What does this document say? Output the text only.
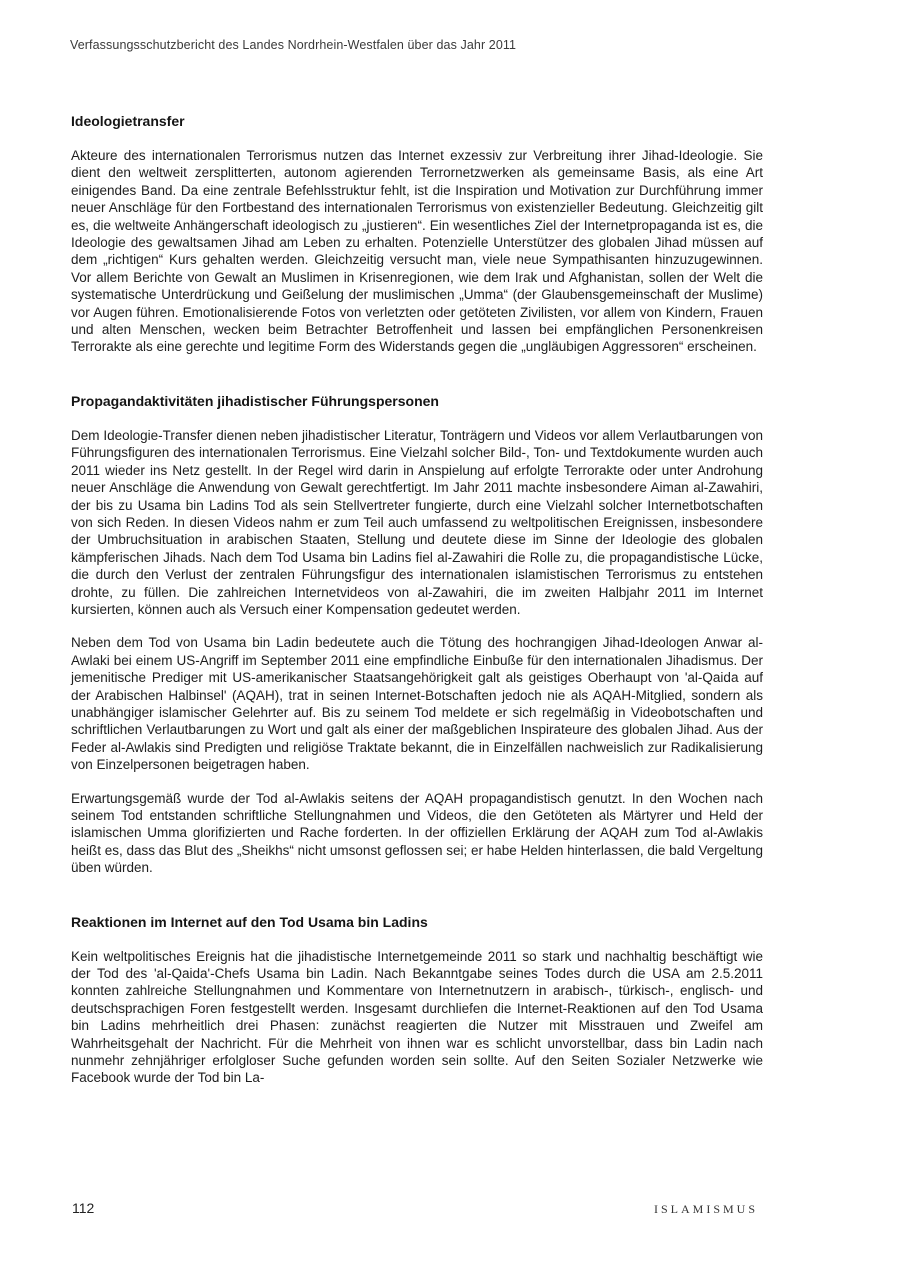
Verfassungsschutzbericht des Landes Nordrhein-Westfalen über das Jahr 2011
Ideologietransfer

Akteure des internationalen Terrorismus nutzen das Internet exzessiv zur Verbreitung ihrer Jihad-Ideologie. Sie dient den weltweit zersplitterten, autonom agierenden Terrornetzwerken als gemeinsame Basis, als eine Art einigendes Band. Da eine zentrale Befehlsstruktur fehlt, ist die Inspiration und Motivation zur Durchführung immer neuer Anschläge für den Fortbestand des internationalen Terrorismus von existenzieller Bedeutung. Gleichzeitig gilt es, die weltweite Anhängerschaft ideologisch zu „justieren“. Ein wesentliches Ziel der Internetpropaganda ist es, die Ideologie des gewaltsamen Jihad am Leben zu erhalten. Potenzielle Unterstützer des globalen Jihad müssen auf dem „richtigen“ Kurs gehalten werden. Gleichzeitig versucht man, viele neue Sympathisanten hinzuzugewinnen. Vor allem Berichte von Gewalt an Muslimen in Krisenregionen, wie dem Irak und Afghanistan, sollen der Welt die systematische Unterdrückung und Geißelung der muslimischen „Umma“ (der Glaubensgemeinschaft der Muslime) vor Augen führen. Emotionalisierende Fotos von verletzten oder getöteten Zivilisten, vor allem von Kindern, Frauen und alten Menschen, wecken beim Betrachter Betroffenheit und lassen bei empfänglichen Personenkreisen Terrorakte als eine gerechte und legitime Form des Widerstands gegen die „ungläubigen Aggressoren“ erscheinen.

Propagandaktivitäten jihadistischer Führungspersonen

Dem Ideologie-Transfer dienen neben jihadistischer Literatur, Tonträgern und Videos vor allem Verlautbarungen von Führungsfiguren des internationalen Terrorismus. Eine Vielzahl solcher Bild-, Ton- und Textdokumente wurden auch 2011 wieder ins Netz gestellt. In der Regel wird darin in Anspielung auf erfolgte Terrorakte oder unter Androhung neuer Anschläge die Anwendung von Gewalt gerechtfertigt. Im Jahr 2011 machte insbesondere Aiman al-Zawahiri, der bis zu Usama bin Ladins Tod als sein Stellvertreter fungierte, durch eine Vielzahl solcher Internetbotschaften von sich Reden. In diesen Videos nahm er zum Teil auch umfassend zu weltpolitischen Ereignissen, insbesondere der Umbruchsituation in arabischen Staaten, Stellung und deutete diese im Sinne der Ideologie des globalen kämpferischen Jihads. Nach dem Tod Usama bin Ladins fiel al-Zawahiri die Rolle zu, die propagandistische Lücke, die durch den Verlust der zentralen Führungsfigur des internationalen islamistischen Terrorismus zu entstehen drohte, zu füllen. Die zahlreichen Internetvideos von al-Zawahiri, die im zweiten Halbjahr 2011 im Internet kursierten, können auch als Versuch einer Kompensation gedeutet werden.

Neben dem Tod von Usama bin Ladin bedeutete auch die Tötung des hochrangigen Jihad-Ideologen Anwar al-Awlaki bei einem US-Angriff im September 2011 eine empfindliche Einbuße für den internationalen Jihadismus. Der jemenitische Prediger mit US-amerikanischer Staatsangehörigkeit galt als geistiges Oberhaupt von 'al-Qaida auf der Arabischen Halbinsel' (AQAH), trat in seinen Internet-Botschaften jedoch nie als AQAH-Mitglied, sondern als unabhängiger islamischer Gelehrter auf. Bis zu seinem Tod meldete er sich regelmäßig in Videobotschaften und schriftlichen Verlautbarungen zu Wort und galt als einer der maßgeblichen Inspirateure des globalen Jihad. Aus der Feder al-Awlakis sind Predigten und religiöse Traktate bekannt, die in Einzelfällen nachweislich zur Radikalisierung von Einzelpersonen beigetragen haben.

Erwartungsgemäß wurde der Tod al-Awlakis seitens der AQAH propagandistisch genutzt. In den Wochen nach seinem Tod entstanden schriftliche Stellungnahmen und Videos, die den Getöteten als Märtyrer und Held der islamischen Umma glorifizierten und Rache forderten. In der offiziellen Erklärung der AQAH zum Tod al-Awlakis heißt es, dass das Blut des „Sheikhs“ nicht umsonst geflossen sei; er habe Helden hinterlassen, die bald Vergeltung üben würden.

Reaktionen im Internet auf den Tod Usama bin Ladins

Kein weltpolitisches Ereignis hat die jihadistische Internetgemeinde 2011 so stark und nachhaltig beschäftigt wie der Tod des 'al-Qaida'-Chefs Usama bin Ladin. Nach Bekanntgabe seines Todes durch die USA am 2.5.2011 konnten zahlreiche Stellungnahmen und Kommentare von Internetnutzern in arabisch-, türkisch-, englisch- und deutschsprachigen Foren festgestellt werden. Insgesamt durchliefen die Internet-Reaktionen auf den Tod Usama bin Ladins mehrheitlich drei Phasen: zunächst reagierten die Nutzer mit Misstrauen und Zweifel am Wahrheitsgehalt der Nachricht. Für die Mehrheit von ihnen war es schlicht unvorstellbar, dass bin Ladin nach nunmehr zehnjähriger erfolgloser Suche gefunden worden sein sollte. Auf den Seiten Sozialer Netzwerke wie Facebook wurde der Tod bin La-

112	ISLAMISMUS
